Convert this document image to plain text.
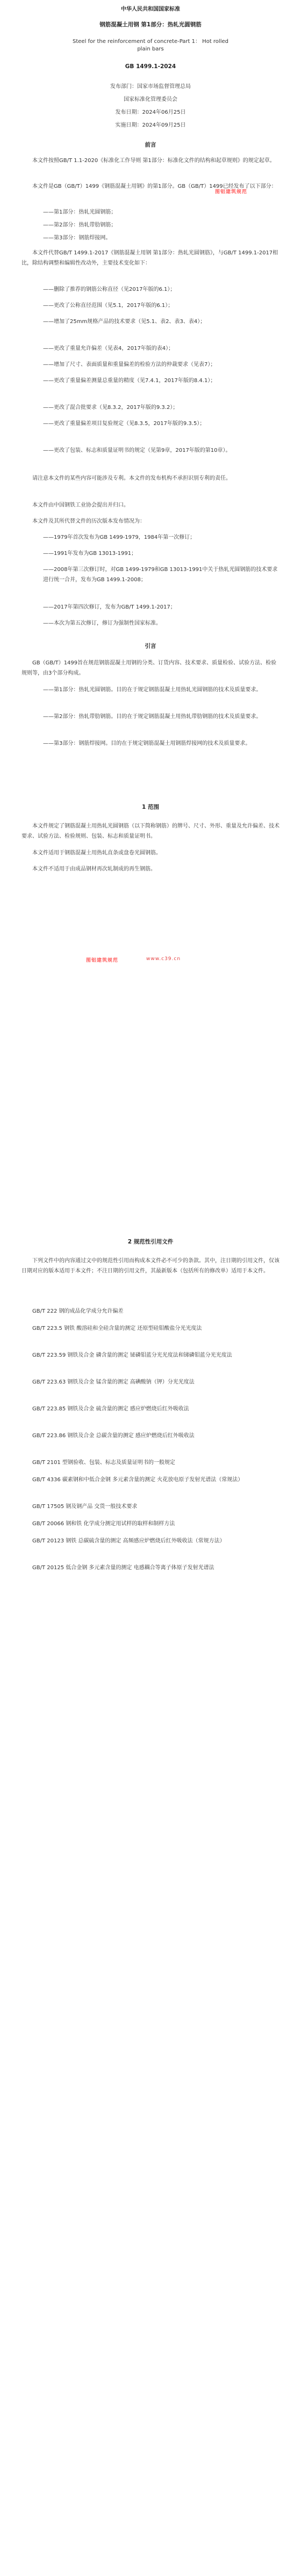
中华人民共和国国家标准
钢筋混凝土用钢 第1部分：热轧光圆钢筋
Steel for the reinforcement of concrete-Part 1： Hot rolled
plain bars
GB 1499.1-2024
发布部门：国家市场监督管理总局
国家标准化管理委员会
发布日期：2024年06月25日
实施日期：2024年09月25日
前言
本文件按照GB/T 1.1-2020《标准化工作导则 第1部分：标准化文件的结构和起草规则》的规定起草。
本文件是GB（GB/T）1499《钢筋混凝土用钢》的第1部分。GB（GB/T）1499已经发布了以下部分：
图铝建筑规范
——第1部分：热轧光圆钢筋；
——第2部分：热轧带肋钢筋；
——第3部分：钢筋焊接网。
本文件代替GB/T 1499.1-2017《钢筋混凝土用钢 第1部分：热轧光圆钢筋》，与GB/T 1499.1-2017相比，除结构调整和编辑性改动外，主要技术变化如下：
——删除了推荐的钢筋公称直径（见2017年版的6.1）；
——更改了公称直径范围（见5.1，2017年版的6.1）；
——增加了25mm规格产品的技术要求（见5.1、表2、表3、表4）；
——更改了重量允许偏差（见表4，2017年版的表4）；
——增加了尺寸、表面质量和重量偏差的检验方法的仲裁要求（见表7）；
——更改了重量偏差测量总重量的精度（见7.4.1，2017年版的8.4.1）；
——更改了混合批要求（见8.3.2，2017年版的9.3.2）；
——更改了重量偏差项目复验规定（见8.3.5，2017年版的9.3.5）；
——更改了包装、标志和质量证明书的规定（见第9章，2017年版的第10章）。
请注意本文件的某些内容可能涉及专利。本文件的发布机构不承担识别专利的责任。
本文件由中国钢铁工业协会提出并归口。
本文件及其所代替文件的历次版本发布情况为：
——1979年首次发布为GB 1499-1979，1984年第一次修订；
——1991年发布为GB 13013-1991；
——2008年第三次修订时，对GB 1499-1979和GB 13013-1991中关于热轧光圆钢筋的技术要求进行统一合并，发布为GB 1499.1-2008；
——2017年第四次修订，发布为GB/T 1499.1-2017；
——本次为第五次修订，修订为强制性国家标准。
引言
GB（GB/T）1499旨在规范钢筋混凝土用钢的分类、订货内容、技术要求、质量检验、试验方法、检验规则等，由3个部分构成。
——第1部分：热轧光圆钢筋。目的在于规定钢筋混凝土用热轧光圆钢筋的技术及质量要求。
——第2部分：热轧带肋钢筋。目的在于规定钢筋混凝土用热轧带肋钢筋的技术及质量要求。
——第3部分：钢筋焊接网。目的在于规定钢筋混凝土用钢筋焊接网的技术及质量要求。
1 范围
本文件规定了钢筋混凝土用热轧光圆钢筋（以下简称钢筋）的牌号、尺寸、外形、重量及允许偏差、技术要求、试验方法、检验规则、包装、标志和质量证明书。
本文件适用于钢筋混凝土用热轧直条或盘卷光圆钢筋。
本文件不适用于由成品钢材再次轧制成的再生钢筋。
图铝建筑规范	www.c39.cn
2 规范性引用文件
下列文件中的内容通过文中的规范性引用而构成本文件必不可少的条款。其中，注日期的引用文件，仅该日期对应的版本适用于本文件；不注日期的引用文件，其最新版本（包括所有的修改单）适用于本文件。
GB/T 222 钢的成品化学成分允许偏差
GB/T 223.5 钢铁 酸溶硅和全硅含量的测定 还原型硅钼酸盐分光光度法
GB/T 223.59 钢铁及合金 磷含量的测定 铋磷钼蓝分光光度法和锑磷钼蓝分光光度法
GB/T 223.63 钢铁及合金 锰含量的测定 高碘酸钠（钾）分光光度法
GB/T 223.85 钢铁及合金 硫含量的测定 感应炉燃烧后红外吸收法
GB/T 223.86 钢铁及合金 总碳含量的测定 感应炉燃烧后红外吸收法
GB/T 2101 型钢验收、包装、标志及质量证明书的一般规定
GB/T 4336 碳素钢和中低合金钢 多元素含量的测定 火花放电原子发射光谱法（常规法）
GB/T 17505 钢及钢产品 交货一般技术要求
GB/T 20066 钢和铁 化学成分测定用试样的取样和制样方法
GB/T 20123 钢铁 总碳硫含量的测定 高频感应炉燃烧后红外吸收法（常规方法）
GB/T 20125 低合金钢 多元素含量的测定 电感耦合等离子体原子发射光谱法
